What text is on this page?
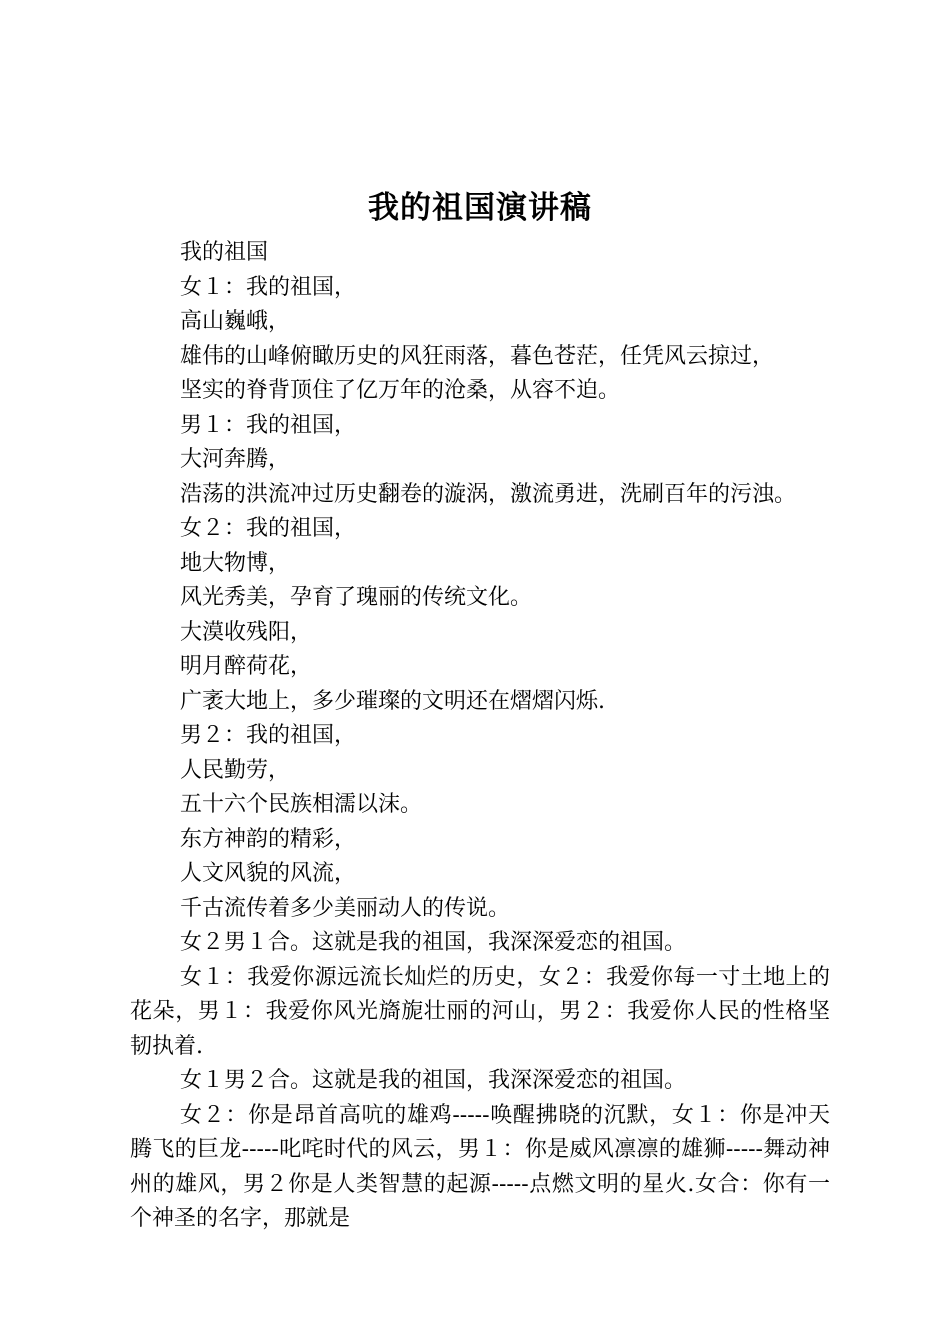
我的祖国演讲稿

我的祖国

女１：我的祖国，

高山巍峨，

雄伟的山峰俯瞰历史的风狂雨落，暮色苍茫，任凭风云掠过，

坚实的脊背顶住了亿万年的沧桑，从容不迫。

男１：我的祖国，

大河奔腾，

浩荡的洪流冲过历史翻卷的漩涡，激流勇进，洗刷百年的污浊。

女２：我的祖国，

地大物博，

风光秀美，孕育了瑰丽的传统文化。

大漠收残阳，

明月醉荷花，

广袤大地上，多少璀璨的文明还在熠熠闪烁.

男２：我的祖国，

人民勤劳，

五十六个民族相濡以沫。

东方神韵的精彩，

人文风貌的风流，

千古流传着多少美丽动人的传说。

女２男１合。这就是我的祖国，我深深爱恋的祖国。

女１：我爱你源远流长灿烂的历史，女２：我爱你每一寸土地上的花朵，男１：我爱你风光旖旎壮丽的河山，男２：我爱你人民的性格坚韧执着.

女１男２合。这就是我的祖国，我深深爱恋的祖国。

女２：你是昂首高吭的雄鸡-----唤醒拂晓的沉默，女１：你是冲天腾飞的巨龙-----叱咤时代的风云，男１：你是威风凛凛的雄狮-----舞动神州的雄风，男２你是人类智慧的起源-----点燃文明的星火.女合：你有一个神圣的名字，那就是
